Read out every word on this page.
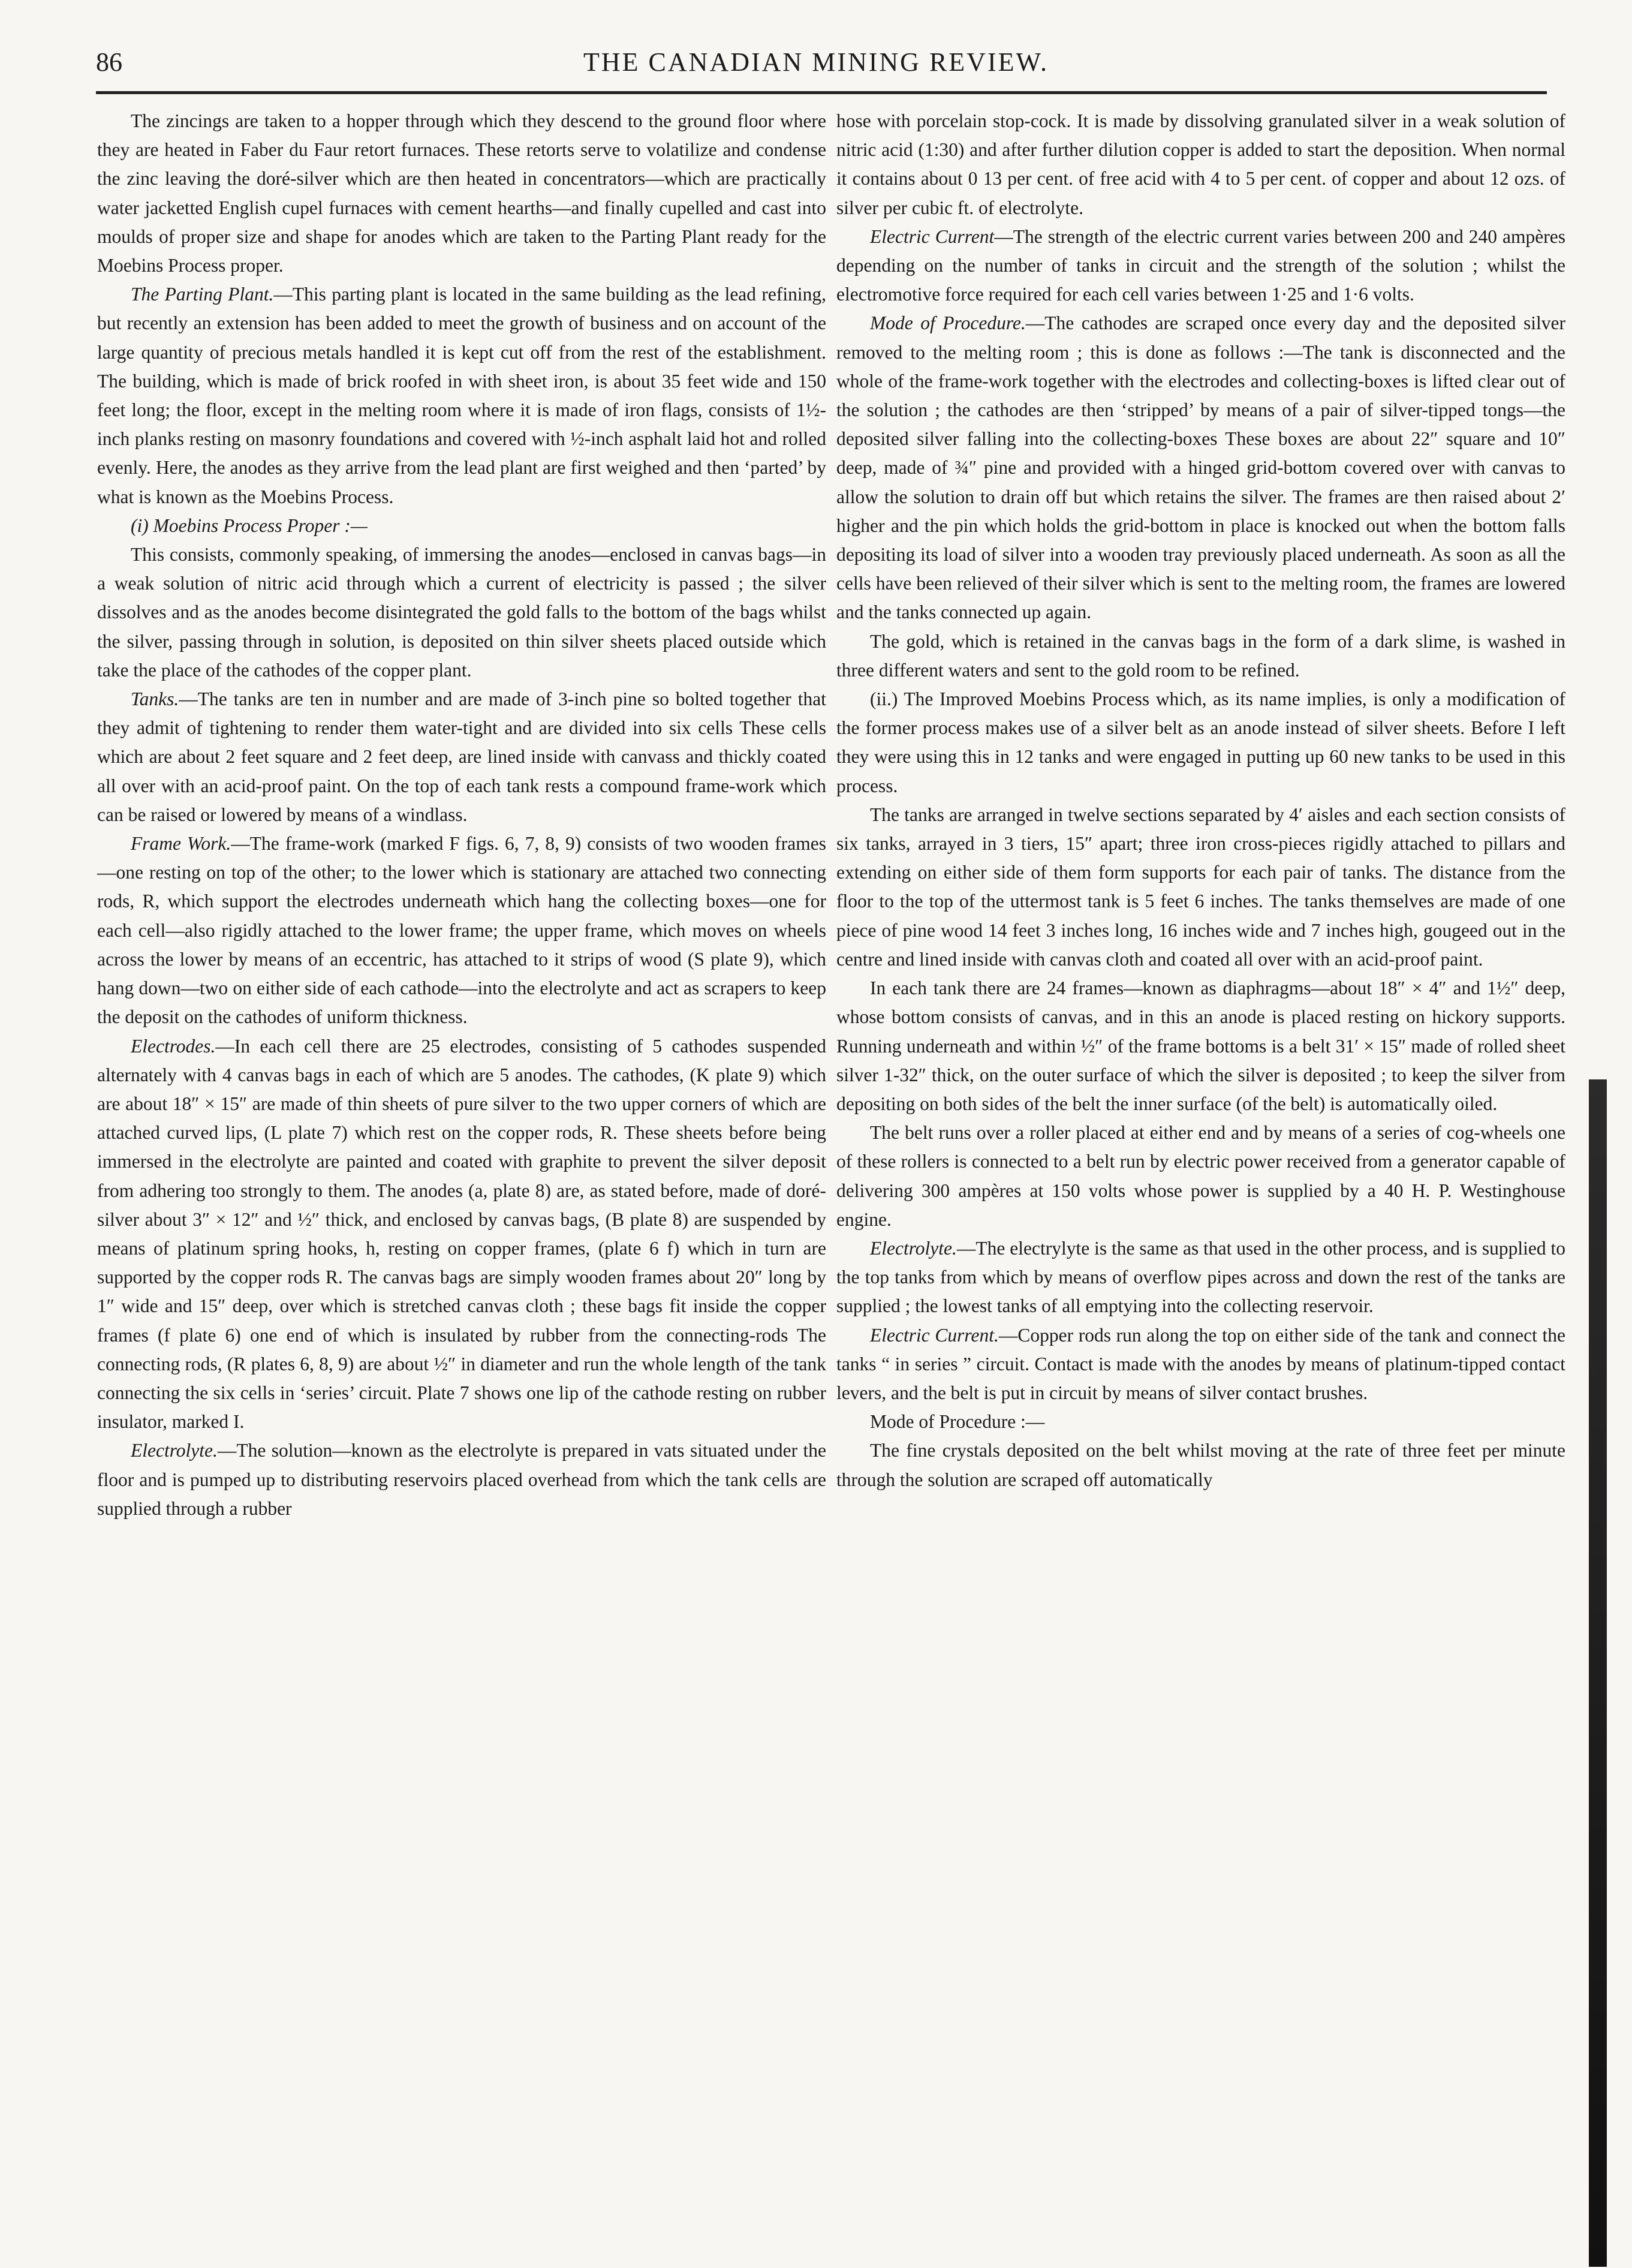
86	THE CANADIAN MINING REVIEW.

The zincings are taken to a hopper through which they descend to the ground floor where they are heated in Faber du Faur retort furnaces. These retorts serve to volatilize and condense the zinc leaving the doré-silver which are then heated in concentrators—which are practically water jacketted English cupel furnaces with cement hearths—and finally cupelled and cast into moulds of proper size and shape for anodes which are taken to the Parting Plant ready for the Moebins Process proper.

The Parting Plant.—This parting plant is located in the same building as the lead refining, but recently an extension has been added to meet the growth of business and on account of the large quantity of precious metals handled it is kept cut off from the rest of the establishment. The building, which is made of brick roofed in with sheet iron, is about 35 feet wide and 150 feet long; the floor, except in the melting room where it is made of iron flags, consists of 1½-inch planks resting on masonry foundations and covered with ½-inch asphalt laid hot and rolled evenly. Here, the anodes as they arrive from the lead plant are first weighed and then ‘parted’ by what is known as the Moebins Process.

(i) Moebins Process Proper :—

This consists, commonly speaking, of immersing the anodes—enclosed in canvas bags—in a weak solution of nitric acid through which a current of electricity is passed ; the silver dissolves and as the anodes become disintegrated the gold falls to the bottom of the bags whilst the silver, passing through in solution, is deposited on thin silver sheets placed outside which take the place of the cathodes of the copper plant.

Tanks.—The tanks are ten in number and are made of 3-inch pine so bolted together that they admit of tightening to render them water-tight and are divided into six cells These cells which are about 2 feet square and 2 feet deep, are lined inside with canvass and thickly coated all over with an acid-proof paint. On the top of each tank rests a compound frame-work which can be raised or lowered by means of a windlass.

Frame Work.—The frame-work (marked F figs. 6, 7, 8, 9) consists of two wooden frames—one resting on top of the other; to the lower which is stationary are attached two connecting rods, R, which support the electrodes underneath which hang the collecting boxes—one for each cell—also rigidly attached to the lower frame; the upper frame, which moves on wheels across the lower by means of an eccentric, has attached to it strips of wood (S plate 9), which hang down—two on either side of each cathode—into the electrolyte and act as scrapers to keep the deposit on the cathodes of uniform thickness.

Electrodes.—In each cell there are 25 electrodes, consisting of 5 cathodes suspended alternately with 4 canvas bags in each of which are 5 anodes. The cathodes, (K plate 9) which are about 18″ × 15″ are made of thin sheets of pure silver to the two upper corners of which are attached curved lips, (L plate 7) which rest on the copper rods, R. These sheets before being immersed in the electrolyte are painted and coated with graphite to prevent the silver deposit from adhering too strongly to them. The anodes (a, plate 8) are, as stated before, made of doré-silver about 3″ × 12″ and ½″ thick, and enclosed by canvas bags, (B plate 8) are suspended by means of platinum spring hooks, h, resting on copper frames, (plate 6 f) which in turn are supported by the copper rods R. The canvas bags are simply wooden frames about 20″ long by 1″ wide and 15″ deep, over which is stretched canvas cloth ; these bags fit inside the copper frames (f plate 6) one end of which is insulated by rubber from the connecting-rods The connecting rods, (R plates 6, 8, 9) are about ½″ in diameter and run the whole length of the tank connecting the six cells in ‘series’ circuit. Plate 7 shows one lip of the cathode resting on rubber insulator, marked I.

Electrolyte.—The solution—known as the electrolyte is prepared in vats situated under the floor and is pumped up to distributing reservoirs placed overhead from which the tank cells are supplied through a rubber

hose with porcelain stop-cock. It is made by dissolving granulated silver in a weak solution of nitric acid (1:30) and after further dilution copper is added to start the deposition. When normal it contains about 0 13 per cent. of free acid with 4 to 5 per cent. of copper and about 12 ozs. of silver per cubic ft. of electrolyte.

Electric Current—The strength of the electric current varies between 200 and 240 ampères depending on the number of tanks in circuit and the strength of the solution ; whilst the electromotive force required for each cell varies between 1·25 and 1·6 volts.

Mode of Procedure.—The cathodes are scraped once every day and the deposited silver removed to the melting room ; this is done as follows :—The tank is disconnected and the whole of the frame-work together with the electrodes and collecting-boxes is lifted clear out of the solution ; the cathodes are then ‘stripped’ by means of a pair of silver-tipped tongs—the deposited silver falling into the collecting-boxes These boxes are about 22″ square and 10″ deep, made of ¾″ pine and provided with a hinged grid-bottom covered over with canvas to allow the solution to drain off but which retains the silver. The frames are then raised about 2′ higher and the pin which holds the grid-bottom in place is knocked out when the bottom falls depositing its load of silver into a wooden tray previously placed underneath. As soon as all the cells have been relieved of their silver which is sent to the melting room, the frames are lowered and the tanks connected up again.

The gold, which is retained in the canvas bags in the form of a dark slime, is washed in three different waters and sent to the gold room to be refined.

(ii.) The Improved Moebins Process which, as its name implies, is only a modification of the former process makes use of a silver belt as an anode instead of silver sheets. Before I left they were using this in 12 tanks and were engaged in putting up 60 new tanks to be used in this process.

The tanks are arranged in twelve sections separated by 4′ aisles and each section consists of six tanks, arrayed in 3 tiers, 15″ apart; three iron cross-pieces rigidly attached to pillars and extending on either side of them form supports for each pair of tanks. The distance from the floor to the top of the uttermost tank is 5 feet 6 inches. The tanks themselves are made of one piece of pine wood 14 feet 3 inches long, 16 inches wide and 7 inches high, gougeed out in the centre and lined inside with canvas cloth and coated all over with an acid-proof paint.

In each tank there are 24 frames—known as diaphragms—about 18″ × 4″ and 1½″ deep, whose bottom consists of canvas, and in this an anode is placed resting on hickory supports. Running underneath and within ½″ of the frame bottoms is a belt 31′ × 15″ made of rolled sheet silver 1-32″ thick, on the outer surface of which the silver is deposited ; to keep the silver from depositing on both sides of the belt the inner surface (of the belt) is automatically oiled.

The belt runs over a roller placed at either end and by means of a series of cog-wheels one of these rollers is connected to a belt run by electric power received from a generator capable of delivering 300 ampères at 150 volts whose power is supplied by a 40 H. P. Westinghouse engine.

Electrolyte.—The electrylyte is the same as that used in the other process, and is supplied to the top tanks from which by means of overflow pipes across and down the rest of the tanks are supplied ; the lowest tanks of all emptying into the collecting reservoir.

Electric Current.—Copper rods run along the top on either side of the tank and connect the tanks “ in series ” circuit. Contact is made with the anodes by means of platinum-tipped contact levers, and the belt is put in circuit by means of silver contact brushes.

Mode of Procedure :—

The fine crystals deposited on the belt whilst moving at the rate of three feet per minute through the solution are scraped off automatically
